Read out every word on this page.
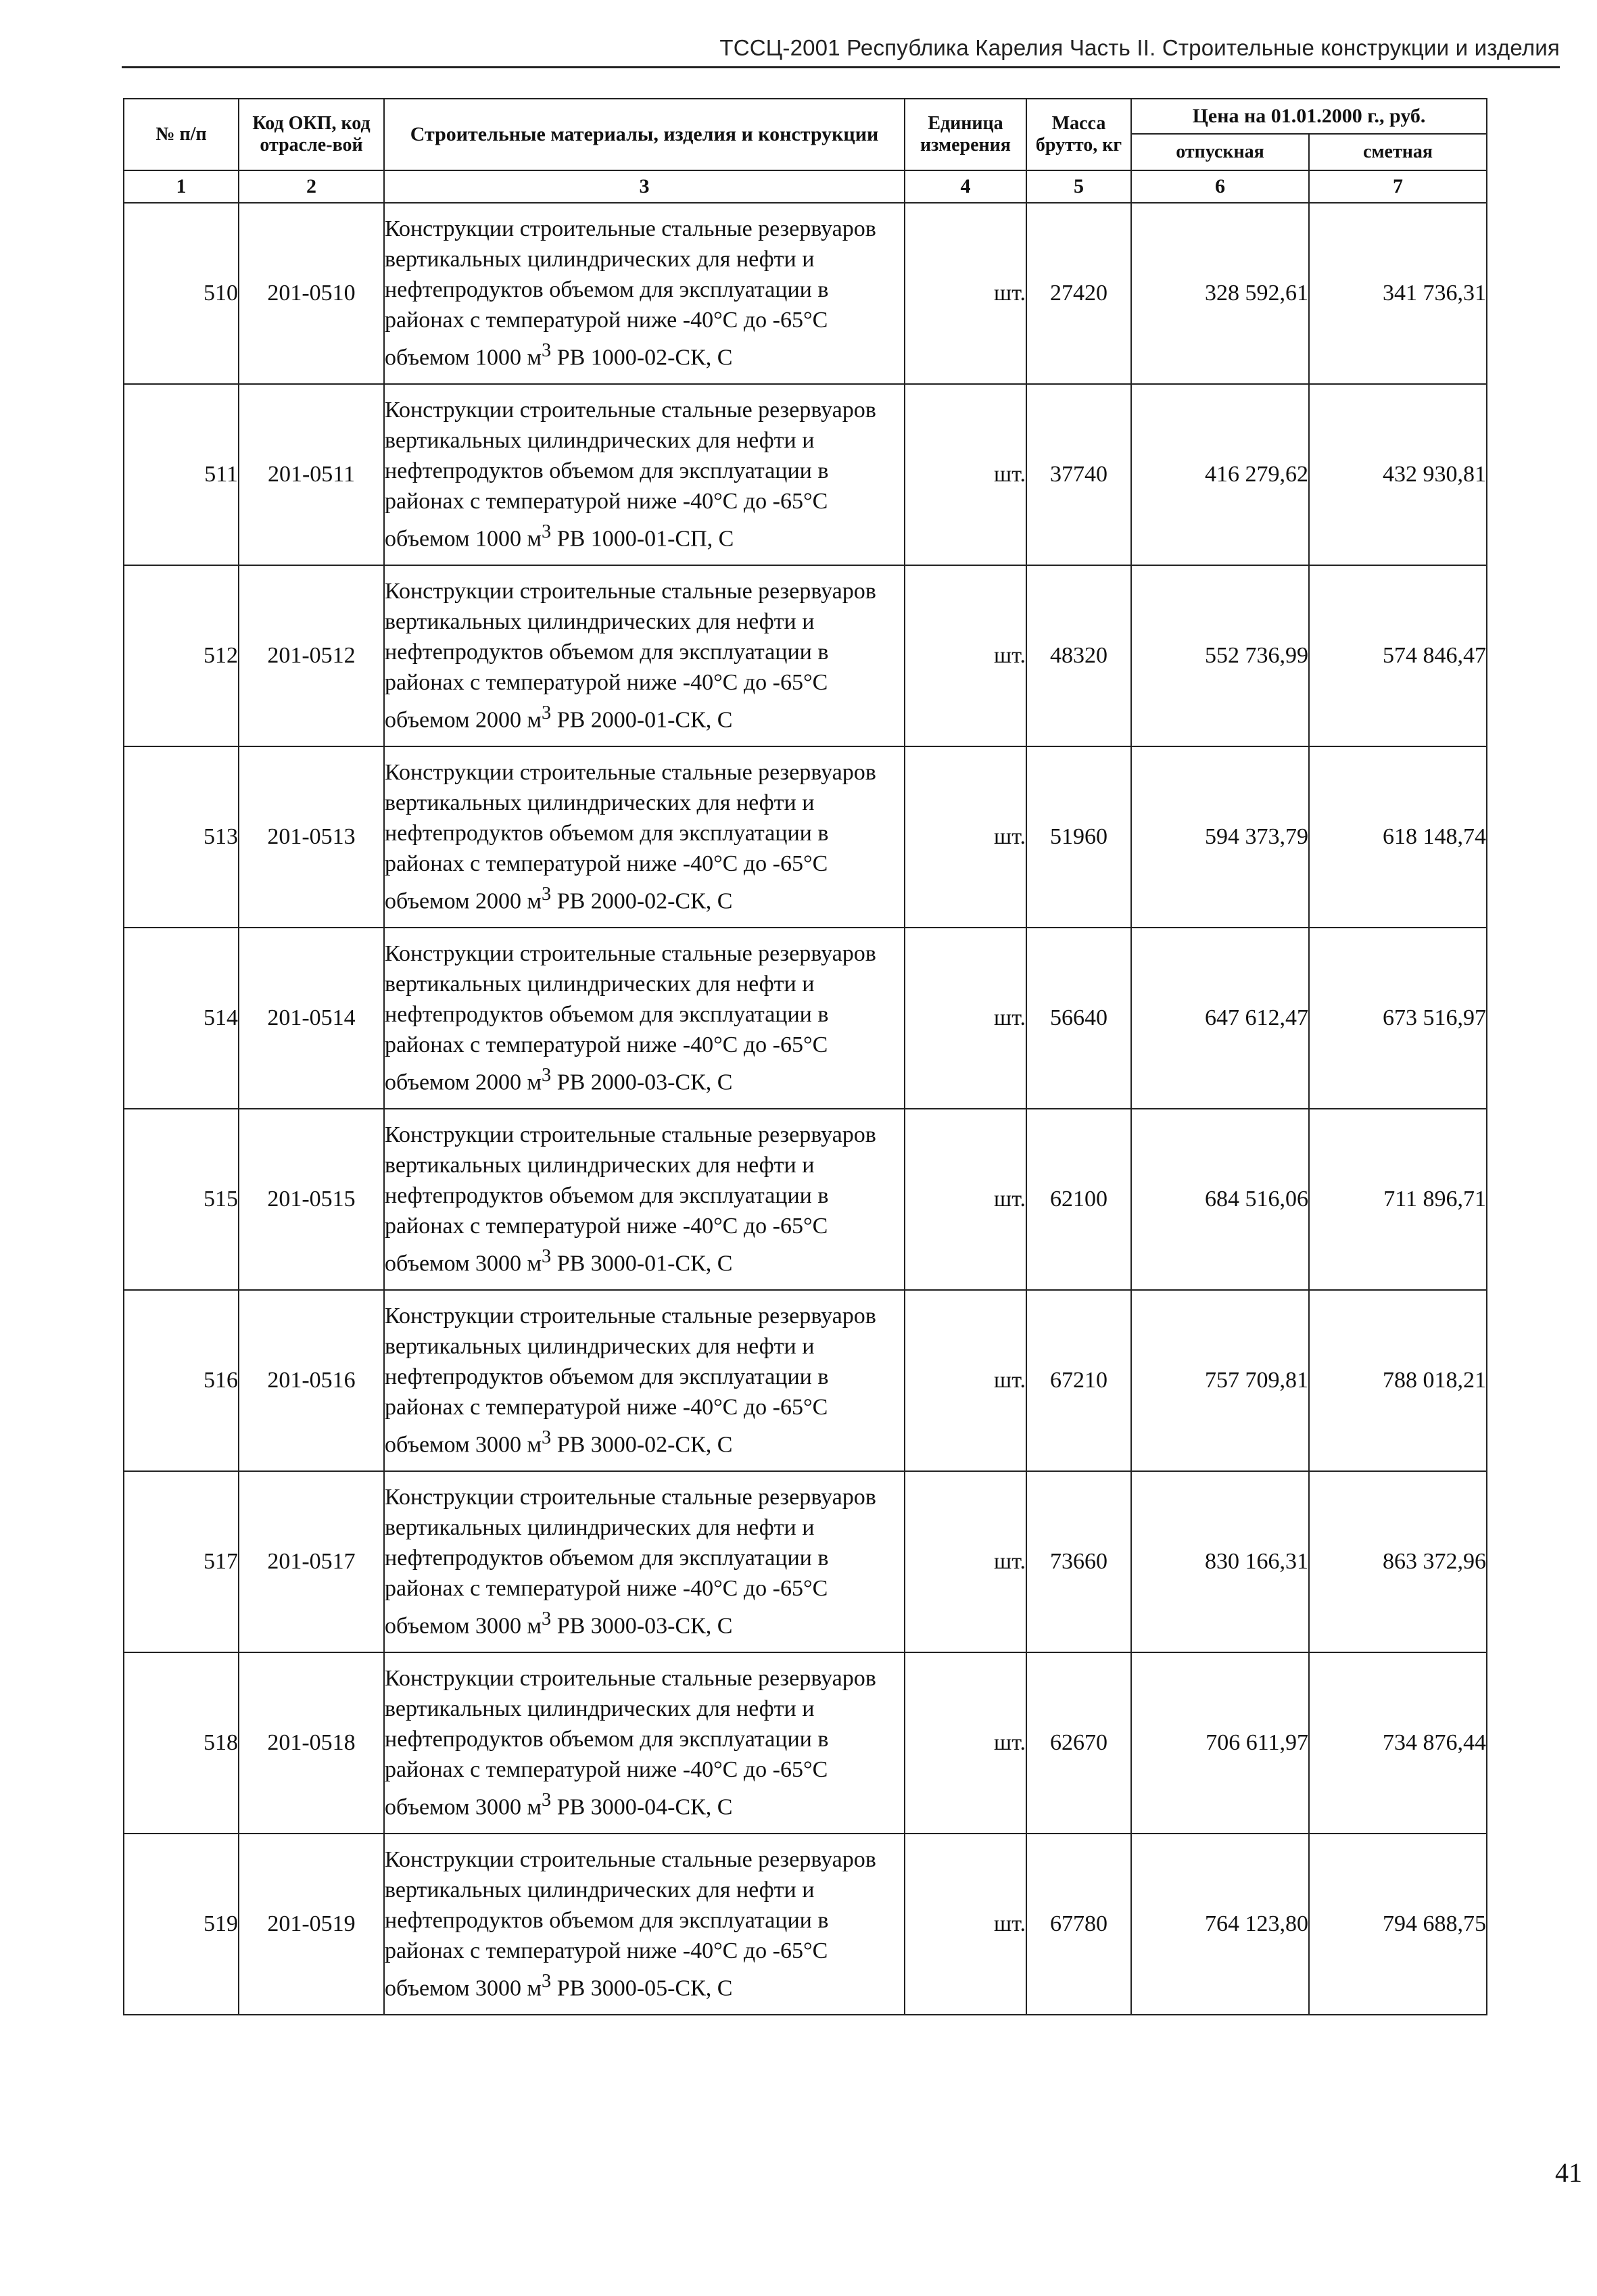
ТССЦ-2001 Республика Карелия Часть II. Строительные конструкции и изделия
№ п/п	Код ОКП, код отрасле-вой	Строительные материалы, изделия и конструкции	Единица измерения	Масса брутто, кг	Цена на 01.01.2000 г., руб.	
					отпускная	сметная
1	2	3	4	5	6	7
510	201-0510	Конструкции строительные стальные резервуаров вертикальных цилиндрических для нефти и нефтепродуктов объемом для эксплуатации в районах с температурой ниже -40°С до -65°С объемом 1000 $м^3$ РВ 1000-02-СК, С	шт.	27420	328 592,61	341 736,31
511	201-0511	Конструкции строительные стальные резервуаров вертикальных цилиндрических для нефти и нефтепродуктов объемом для эксплуатации в районах с температурой ниже -40°С до -65°С объемом 1000 $м^3$ РВ 1000-01-СП, С	шт.	37740	416 279,62	432 930,81
512	201-0512	Конструкции строительные стальные резервуаров вертикальных цилиндрических для нефти и нефтепродуктов объемом для эксплуатации в районах с температурой ниже -40°С до -65°С объемом 2000 $м^3$ РВ 2000-01-СК, С	шт.	48320	552 736,99	574 846,47
513	201-0513	Конструкции строительные стальные резервуаров вертикальных цилиндрических для нефти и нефтепродуктов объемом для эксплуатации в районах с температурой ниже -40°С до -65°С объемом 2000 $м^3$ РВ 2000-02-СК, С	шт.	51960	594 373,79	618 148,74
514	201-0514	Конструкции строительные стальные резервуаров вертикальных цилиндрических для нефти и нефтепродуктов объемом для эксплуатации в районах с температурой ниже -40°С до -65°С объемом 2000 $м^3$ РВ 2000-03-СК, С	шт.	56640	647 612,47	673 516,97
515	201-0515	Конструкции строительные стальные резервуаров вертикальных цилиндрических для нефти и нефтепродуктов объемом для эксплуатации в районах с температурой ниже -40°С до -65°С объемом 3000 $м^3$ РВ 3000-01-СК, С	шт.	62100	684 516,06	711 896,71
516	201-0516	Конструкции строительные стальные резервуаров вертикальных цилиндрических для нефти и нефтепродуктов объемом для эксплуатации в районах с температурой ниже -40°С до -65°С объемом 3000 $м^3$ РВ 3000-02-СК, С	шт.	67210	757 709,81	788 018,21
517	201-0517	Конструкции строительные стальные резервуаров вертикальных цилиндрических для нефти и нефтепродуктов объемом для эксплуатации в районах с температурой ниже -40°С до -65°С объемом 3000 $м^3$ РВ 3000-03-СК, С	шт.	73660	830 166,31	863 372,96
518	201-0518	Конструкции строительные стальные резервуаров вертикальных цилиндрических для нефти и нефтепродуктов объемом для эксплуатации в районах с температурой ниже -40°С до -65°С объемом 3000 $м^3$ РВ 3000-04-СК, С	шт.	62670	706 611,97	734 876,44
519	201-0519	Конструкции строительные стальные резервуаров вертикальных цилиндрических для нефти и нефтепродуктов объемом для эксплуатации в районах с температурой ниже -40°С до -65°С объемом 3000 $м^3$ РВ 3000-05-СК, С	шт.	67780	764 123,80	794 688,75
41
